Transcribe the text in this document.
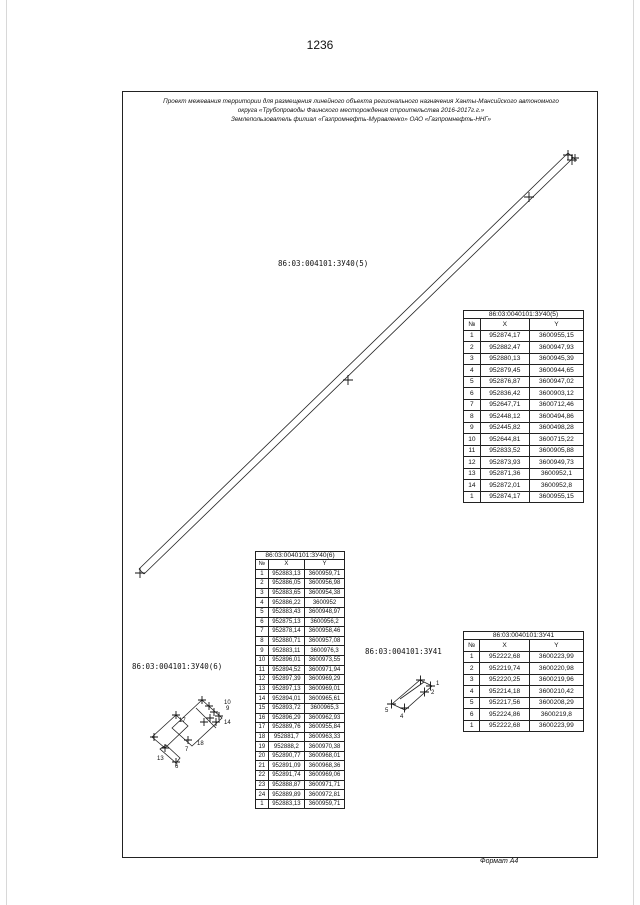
1236
Проект межевания территории для размещения линейного объекта регионального назначения Ханты-Мансийского автономного
округа «Трубопроводы Фаинского месторождения строительства 2016-2017г.г.»
Землепользователь филиал «Газпромнефть-Муравленко» ОАО «Газпромнефть-ННГ»
1
2
4
5
6
7
9
10
14
17
18
13
86:03:004101:3У40(5)
86:03:004101:3У40(6)
86:03:004101:3У41
86:03:0040101:ЗУ40(5)
№	X	Y
1	952874,17	3600955,15
2	952882,47	3600947,93
3	952880,13	3600945,39
4	952879,45	3600944,65
5	952876,87	3600947,02
6	952836,42	3600903,12
7	952647,71	3600712,46
8	952448,12	3600494,86
9	952445,82	3600498,28
10	952644,81	3600715,22
11	952833,52	3600905,88
12	952873,93	3600949,73
13	952871,36	3600952,1
14	952872,01	3600952,8
1	952874,17	3600955,15
86:03:0040101:ЗУ40(6)
№	X	Y
1	952883,13	3600959,71
2	952886,05	3600956,98
3	952883,65	3600954,38
4	952886,22	3600952
5	952883,43	3600948,97
6	952875,13	3600956,2
7	952878,14	3600958,46
8	952880,71	3600957,08
9	952883,11	3600976,3
10	952896,01	3600973,55
11	952894,52	3600971,94
12	952897,39	3600969,29
13	952897,13	3600969,01
14	952894,01	3600965,61
15	952893,72	3600965,3
16	952896,29	3600962,93
17	952889,76	3600955,84
18	952881,7	3600963,33
19	952888,2	3600970,38
20	952890,77	3600968,01
21	952891,09	3600968,36
22	952891,74	3600969,06
23	952888,87	3600971,71
24	952889,89	3600972,81
1	952883,13	3600959,71
86:03:0040101:ЗУ41
№	X	Y
1	952222,68	3600223,99
2	952219,74	3600220,98
3	952220,25	3600219,96
4	952214,18	3600210,42
5	952217,56	3600208,29
6	952224,86	3600219,8
1	952222,68	3600223,99
Формат А4
